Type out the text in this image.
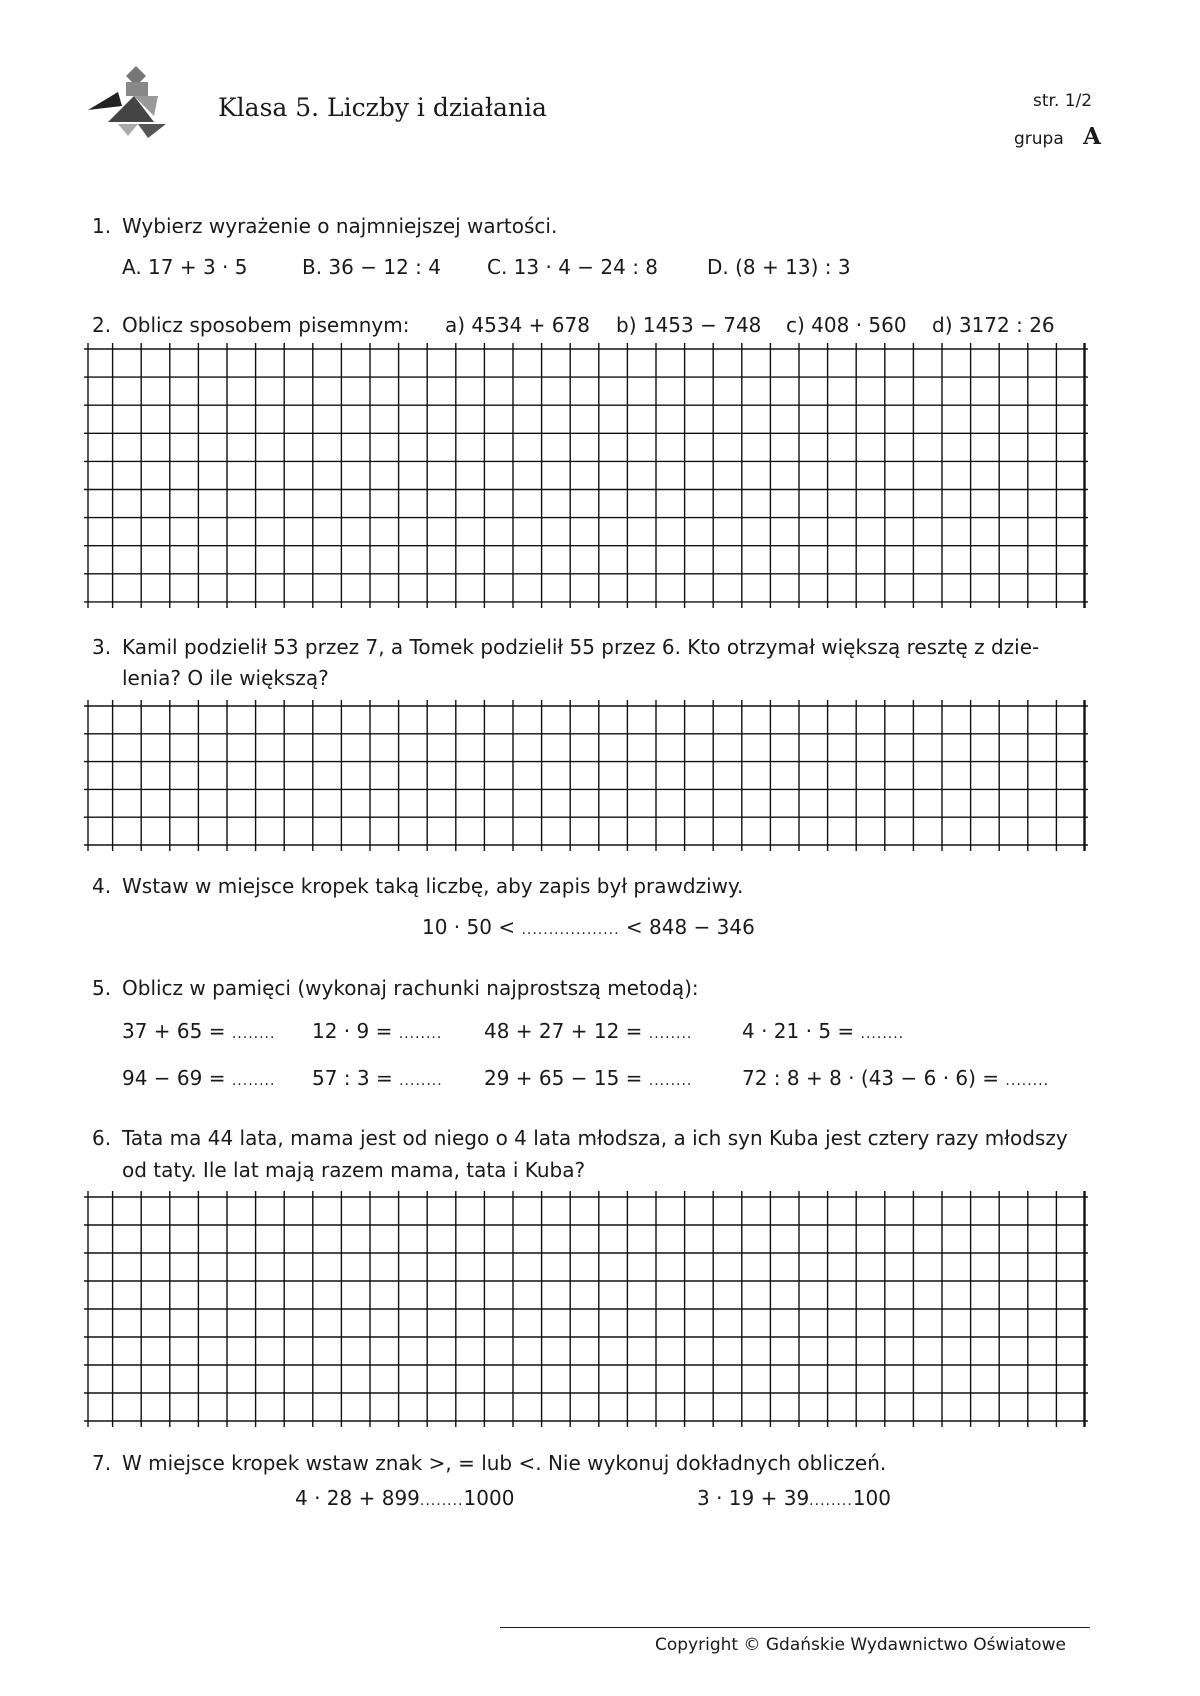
Klasa 5. Liczby i działania	str. 1/2
grupa A
1. Wybierz wyrażenie o najmniejszej wartości.
A. 17 + 3 · 5	B. 36 − 12 : 4 C. 13 · 4 − 24 : 8 D. (8 + 13) : 3
2. Oblicz sposobem pisemnym: a) 4534 + 678 b) 1453 − 748 c) 408 · 560 d) 3172 : 26
3. Kamil podzielił 53 przez 7, a Tomek podzielił 55 przez 6. Kto otrzymał większą resztę z dzie-
lenia? O ile większą?
4. Wstaw w miejsce kropek taką liczbę, aby zapis był prawdziwy.
10 · 50 < .................. < 848 − 346
5. Oblicz w pamięci (wykonaj rachunki najprostszą metodą):
37 + 65 = ........ 12 · 9 = ........ 48 + 27 + 12 = ........ 4 · 21 · 5 = ........
94 − 69 = ........ 57 : 3 = ........ 29 + 65 − 15 = ........ 72 : 8 + 8 · (43 − 6 · 6) = ........
6. Tata ma 44 lata, mama jest od niego o 4 lata młodsza, a ich syn Kuba jest cztery razy młodszy
od taty. Ile lat mają razem mama, tata i Kuba?
7. W miejsce kropek wstaw znak >, = lub <. Nie wykonuj dokładnych obliczeń.
4 · 28 + 899........1000	3 · 19 + 39........100
Copyright © Gdańskie Wydawnictwo Oświatowe
